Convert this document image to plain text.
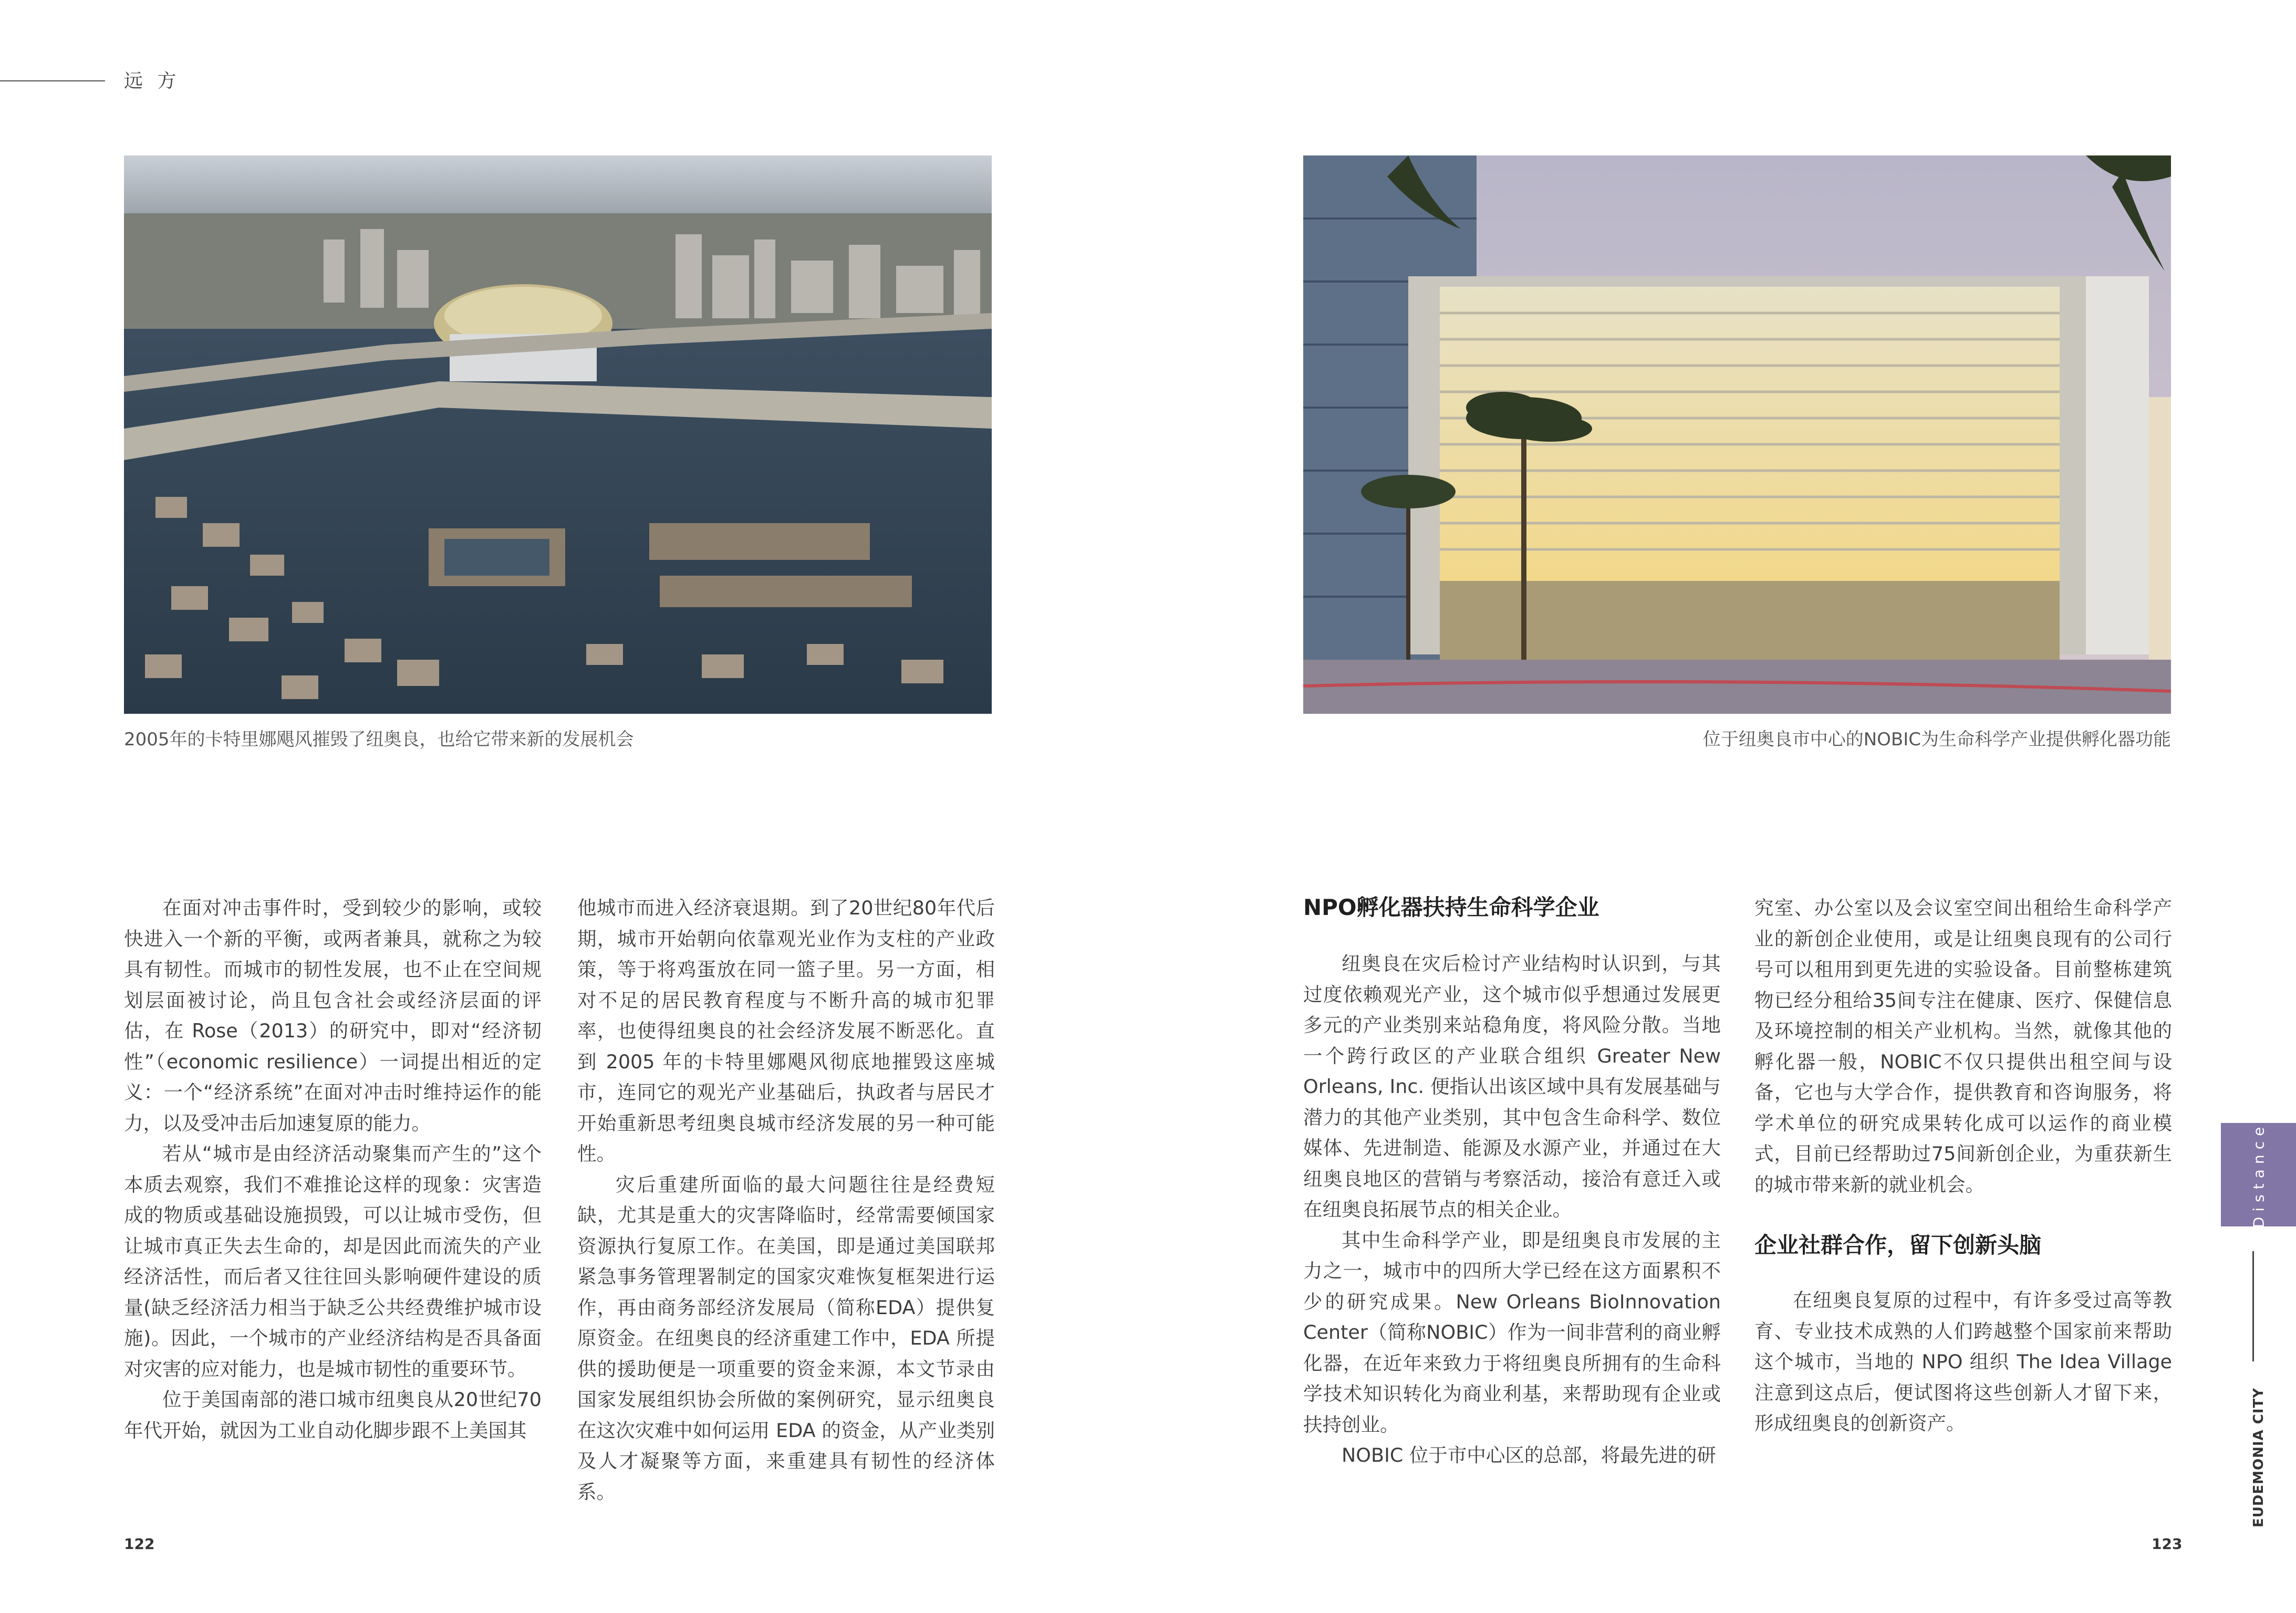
远 方
2005年的卡特里娜飓风摧毁了纽奥良，也给它带来新的发展机会

在面对冲击事件时，受到较少的影响，或较快进入一个新的平衡，或两者兼具，就称之为较具有韧性。而城市的韧性发展，也不止在空间规划层面被讨论，尚且包含社会或经济层面的评估，在 Rose（2013）的研究中，即对“经济韧性”（economic resilience）一词提出相近的定义：一个“经济系统”在面对冲击时维持运作的能力，以及受冲击后加速复原的能力。

若从“城市是由经济活动聚集而产生的”这个本质去观察，我们不难推论这样的现象：灾害造成的物质或基础设施损毁，可以让城市受伤，但让城市真正失去生命的，却是因此而流失的产业经济活性，而后者又往往回头影响硬件建设的质量(缺乏经济活力相当于缺乏公共经费维护城市设施)。因此，一个城市的产业经济结构是否具备面对灾害的应对能力，也是城市韧性的重要环节。

位于美国南部的港口城市纽奥良从20世纪70年代开始，就因为工业自动化脚步跟不上美国其

他城市而进入经济衰退期。到了20世纪80年代后期，城市开始朝向依靠观光业作为支柱的产业政策，等于将鸡蛋放在同一篮子里。另一方面，相对不足的居民教育程度与不断升高的城市犯罪率，也使得纽奥良的社会经济发展不断恶化。直到 2005 年的卡特里娜飓风彻底地摧毁这座城市，连同它的观光产业基础后，执政者与居民才开始重新思考纽奥良城市经济发展的另一种可能性。

灾后重建所面临的最大问题往往是经费短缺，尤其是重大的灾害降临时，经常需要倾国家资源执行复原工作。在美国，即是通过美国联邦紧急事务管理署制定的国家灾难恢复框架进行运作，再由商务部经济发展局（简称EDA）提供复原资金。在纽奥良的经济重建工作中，EDA 所提供的援助便是一项重要的资金来源，本文节录由国家发展组织协会所做的案例研究，显示纽奥良在这次灾难中如何运用 EDA 的资金，从产业类别及人才凝聚等方面，来重建具有韧性的经济体系。

122
位于纽奥良市中心的NOBIC为生命科学产业提供孵化器功能
NPO孵化器扶持生命科学企业

纽奥良在灾后检讨产业结构时认识到，与其过度依赖观光产业，这个城市似乎想通过发展更多元的产业类别来站稳角度，将风险分散。当地一个跨行政区的产业联合组织 Greater New Orleans, Inc. 便指认出该区域中具有发展基础与潜力的其他产业类别，其中包含生命科学、数位媒体、先进制造、能源及水源产业，并通过在大纽奥良地区的营销与考察活动，接洽有意迁入或在纽奥良拓展节点的相关企业。

其中生命科学产业，即是纽奥良市发展的主力之一，城市中的四所大学已经在这方面累积不少的研究成果。New Orleans BioInnovation Center（简称NOBIC）作为一间非营利的商业孵化器，在近年来致力于将纽奥良所拥有的生命科学技术知识转化为商业利基，来帮助现有企业或扶持创业。

NOBIC 位于市中心区的总部，将最先进的研

究室、办公室以及会议室空间出租给生命科学产业的新创企业使用，或是让纽奥良现有的公司行号可以租用到更先进的实验设备。目前整栋建筑物已经分租给35间专注在健康、医疗、保健信息及环境控制的相关产业机构。当然，就像其他的孵化器一般，NOBIC不仅只提供出租空间与设备，它也与大学合作，提供教育和咨询服务，将学术单位的研究成果转化成可以运作的商业模式，目前已经帮助过75间新创企业，为重获新生的城市带来新的就业机会。

企业社群合作，留下创新头脑

在纽奥良复原的过程中，有许多受过高等教育、专业技术成熟的人们跨越整个国家前来帮助这个城市，当地的 NPO 组织 The Idea Village 注意到这点后，便试图将这些创新人才留下来，形成纽奥良的创新资产。

123
Distance
EUDEMONIA CITY
